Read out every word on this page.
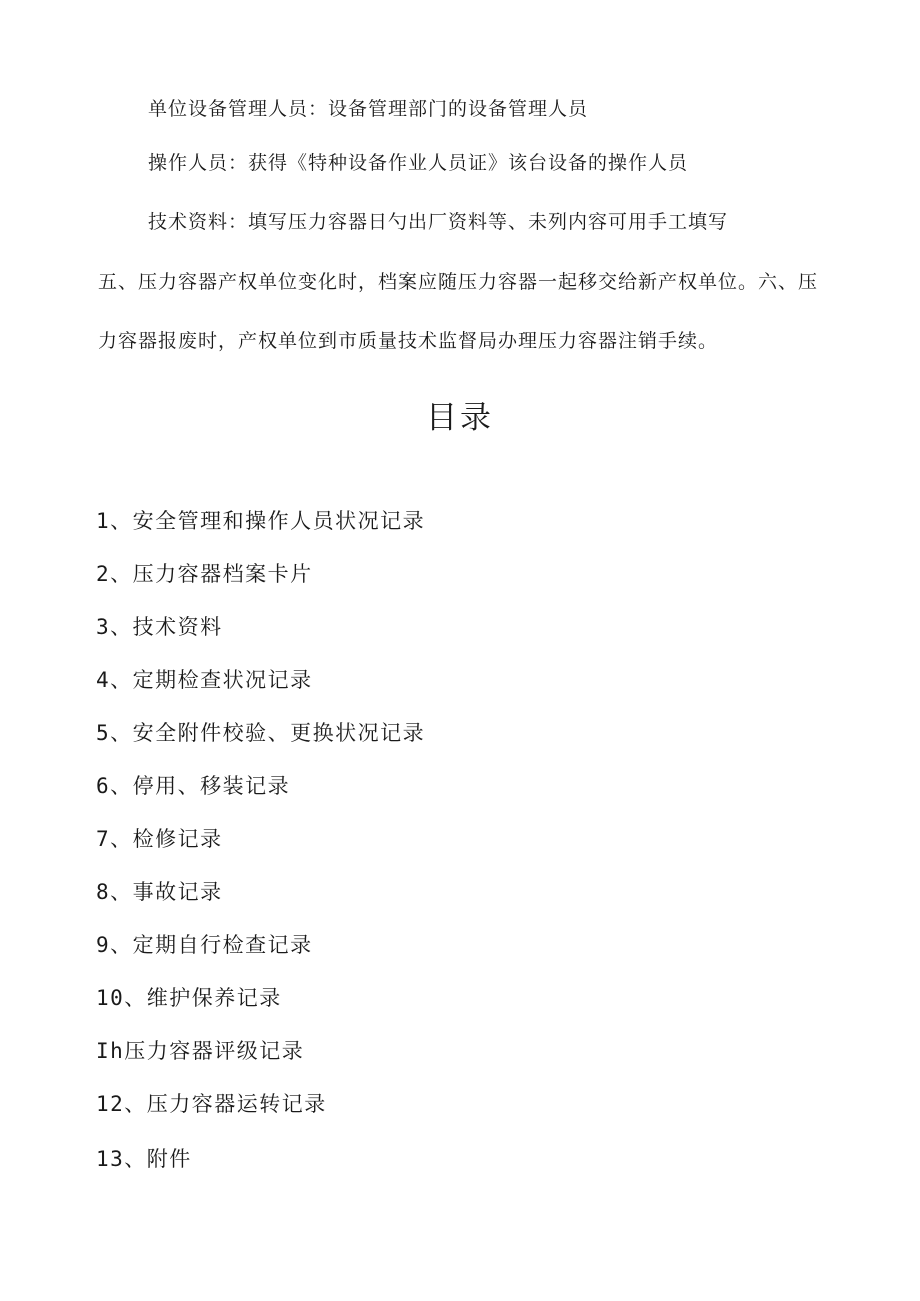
单位设备管理人员：设备管理部门的设备管理人员
操作人员：获得《特种设备作业人员证》该台设备的操作人员
技术资料：填写压力容器日勺出厂资料等、未列内容可用手工填写
五、压力容器产权单位变化时，档案应随压力容器一起移交给新产权单位。六、压
力容器报废时，产权单位到市质量技术监督局办理压力容器注销手续。
目录
1、安全管理和操作人员状况记录
2、压力容器档案卡片
3、技术资料
4、定期检查状况记录
5、安全附件校验、更换状况记录
6、停用、移装记录
7、检修记录
8、事故记录
9、定期自行检查记录
10、维护保养记录
Ih压力容器评级记录
12、压力容器运转记录
13、附件
